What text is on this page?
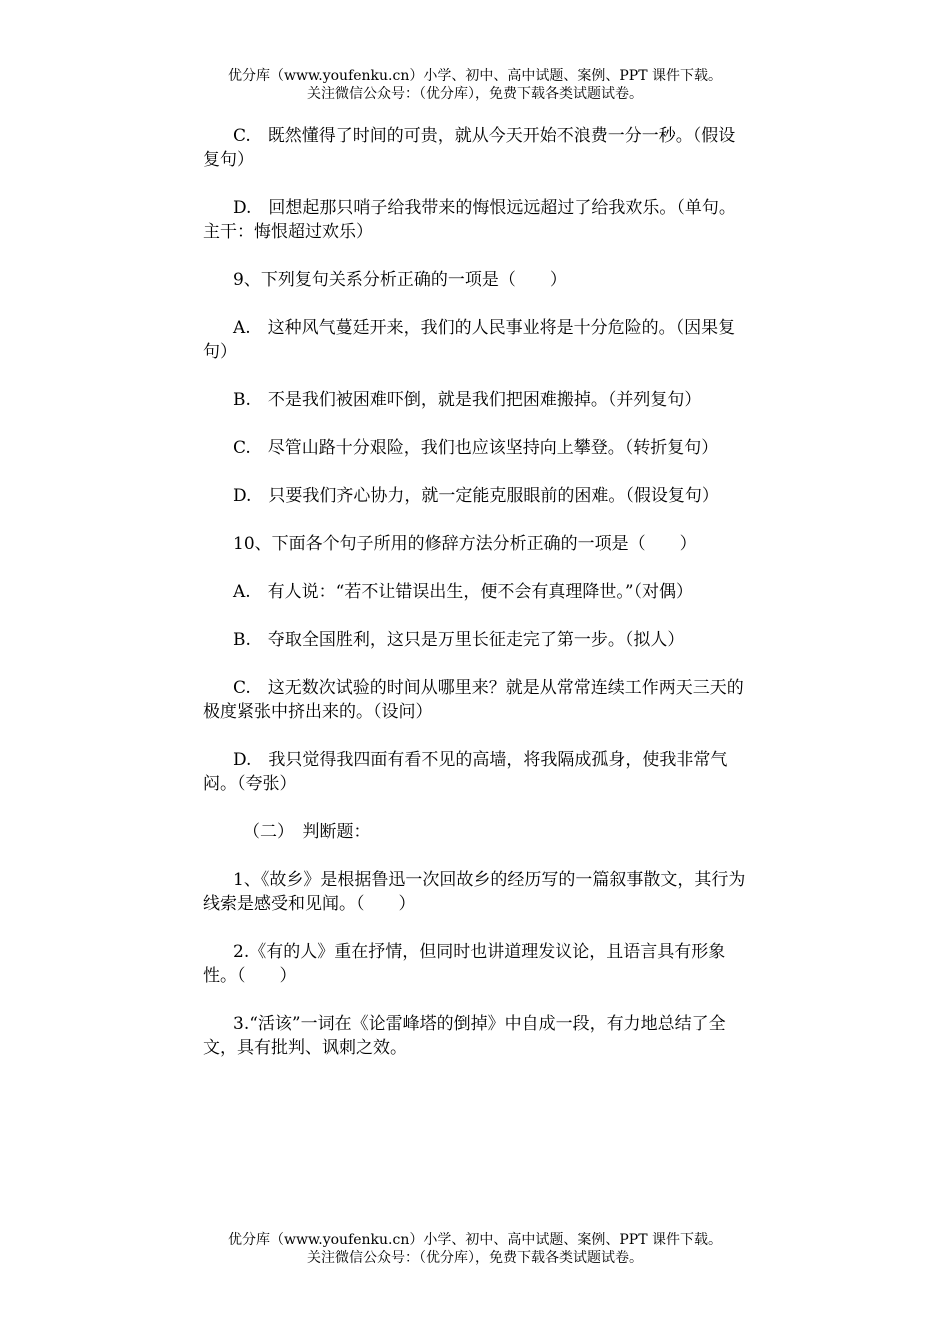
优分库（www.youfenku.cn）小学、初中、高中试题、案例、PPT 课件下载。
关注微信公众号：（优分库），免费下载各类试题试卷。

C.　既然懂得了时间的可贵，就从今天开始不浪费一分一秒。（假设复句）

D.　回想起那只哨子给我带来的悔恨远远超过了给我欢乐。（单句。主干：悔恨超过欢乐）

9、下列复句关系分析正确的一项是（　　）

A.　这种风气蔓廷开来，我们的人民事业将是十分危险的。（因果复句）

B.　不是我们被困难吓倒，就是我们把困难搬掉。（并列复句）

C.　尽管山路十分艰险，我们也应该坚持向上攀登。（转折复句）

D.　只要我们齐心协力，就一定能克服眼前的困难。（假设复句）

10、下面各个句子所用的修辞方法分析正确的一项是（　　）

A.　有人说：“若不让错误出生，便不会有真理降世。”（对偶）

B.　夺取全国胜利，这只是万里长征走完了第一步。（拟人）

C.　这无数次试验的时间从哪里来？就是从常常连续工作两天三天的极度紧张中挤出来的。（设问）

D.　我只觉得我四面有看不见的高墙，将我隔成孤身，使我非常气闷。（夸张）

（二）　判断题：

1、《故乡》是根据鲁迅一次回故乡的经历写的一篇叙事散文，其行为线索是感受和见闻。（　　）

2.《有的人》重在抒情，但同时也讲道理发议论，且语言具有形象性。（　　）

3.“活该”一词在《论雷峰塔的倒掉》中自成一段，有力地总结了全文，具有批判、讽刺之效。

优分库（www.youfenku.cn）小学、初中、高中试题、案例、PPT 课件下载。
关注微信公众号：（优分库），免费下载各类试题试卷。
